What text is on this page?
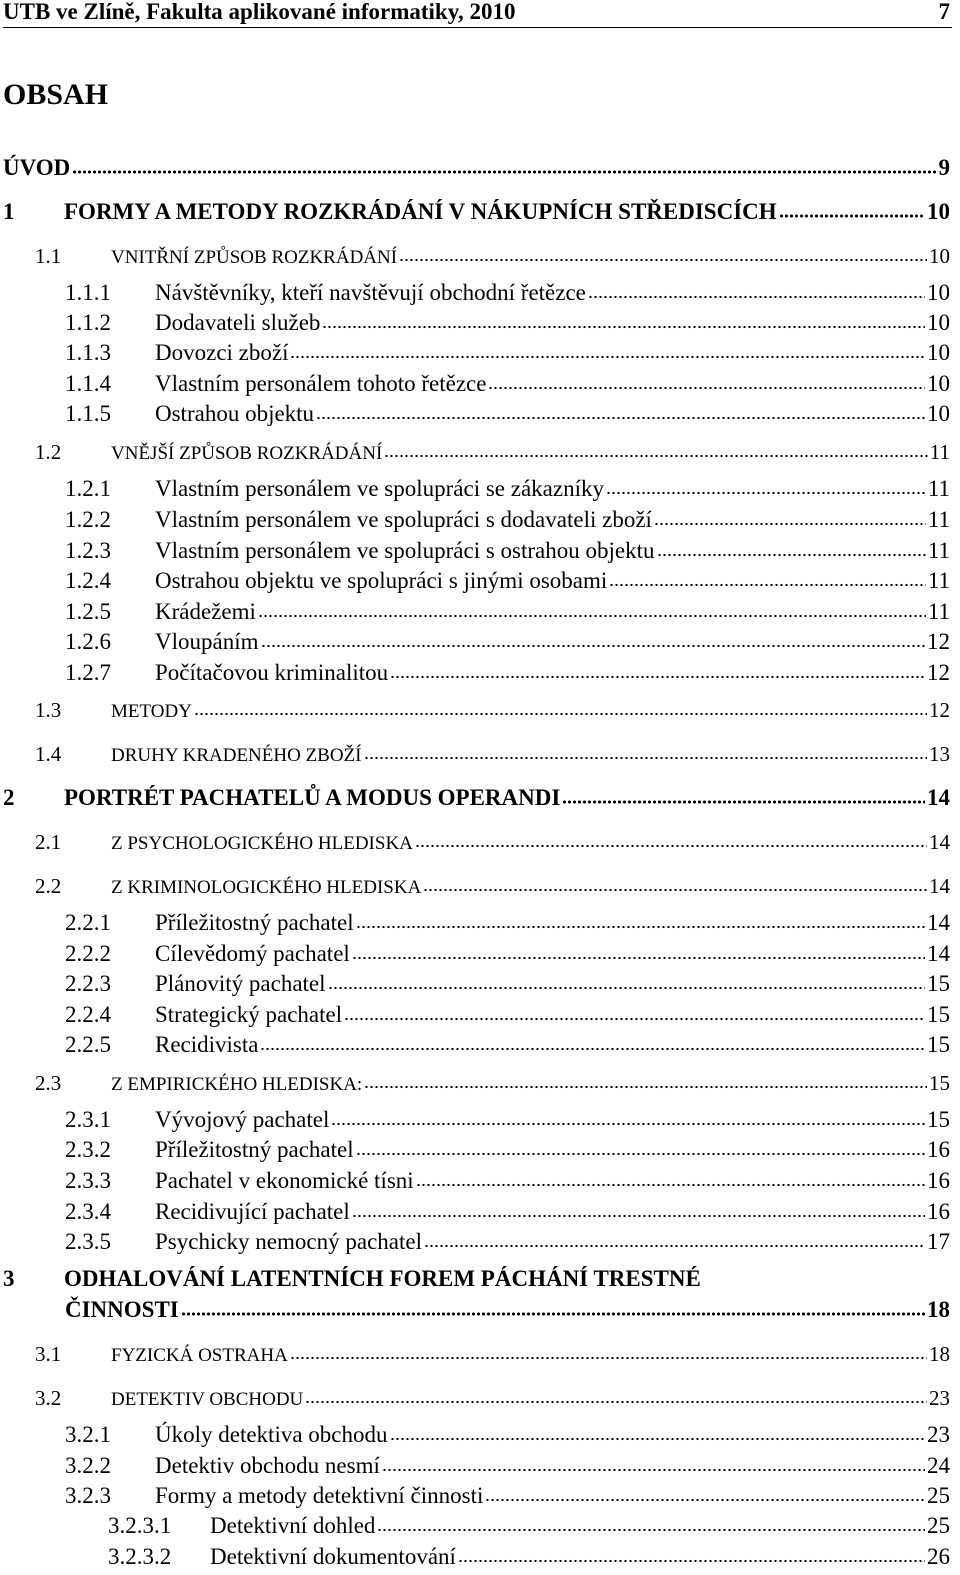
UTB ve Zlíně, Fakulta aplikované informatiky, 2010	7
OBSAH
ÚVOD	9
1	FORMY A METODY ROZKRÁDÁNÍ V NÁKUPNÍCH STŘEDISCÍCH	10
1.1	VNITŘNÍ ZPŮSOB ROZKRÁDÁNÍ	10
1.1.1	Návštěvníky, kteří navštěvují obchodní řetězce	10
1.1.2	Dodavateli služeb	10
1.1.3	Dovozci zboží	10
1.1.4	Vlastním personálem tohoto řetězce	10
1.1.5	Ostrahou objektu	10
1.2	VNĚJŠÍ ZPŮSOB ROZKRÁDÁNÍ	11
1.2.1	Vlastním personálem ve spolupráci se zákazníky	11
1.2.2	Vlastním personálem ve spolupráci s dodavateli zboží	11
1.2.3	Vlastním personálem ve spolupráci s ostrahou objektu	11
1.2.4	Ostrahou objektu ve spolupráci s jinými osobami	11
1.2.5	Krádežemi	11
1.2.6	Vloupáním	12
1.2.7	Počítačovou kriminalitou	12
1.3	METODY	12
1.4	DRUHY KRADENÉHO ZBOŽÍ	13
2	PORTRÉT PACHATELŮ A MODUS OPERANDI	14
2.1	Z PSYCHOLOGICKÉHO HLEDISKA	14
2.2	Z KRIMINOLOGICKÉHO HLEDISKA	14
2.2.1	Příležitostný pachatel	14
2.2.2	Cílevědomý pachatel	14
2.2.3	Plánovitý pachatel	15
2.2.4	Strategický pachatel	15
2.2.5	Recidivista	15
2.3	Z EMPIRICKÉHO HLEDISKA:	15
2.3.1	Vývojový pachatel	15
2.3.2	Příležitostný pachatel	16
2.3.3	Pachatel v ekonomické tísni	16
2.3.4	Recidivující pachatel	16
2.3.5	Psychicky nemocný pachatel	17
3 ODHALOVÁNÍ LATENTNÍCH FOREM PÁCHÁNÍ TRESTNÉ
ČINNOSTI	18
3.1	FYZICKÁ OSTRAHA	18
3.2	DETEKTIV OBCHODU	23
3.2.1	Úkoly detektiva obchodu	23
3.2.2	Detektiv obchodu nesmí	24
3.2.3	Formy a metody detektivní činnosti	25
3.2.3.1	Detektivní dohled	25
3.2.3.2	Detektivní dokumentování	26
